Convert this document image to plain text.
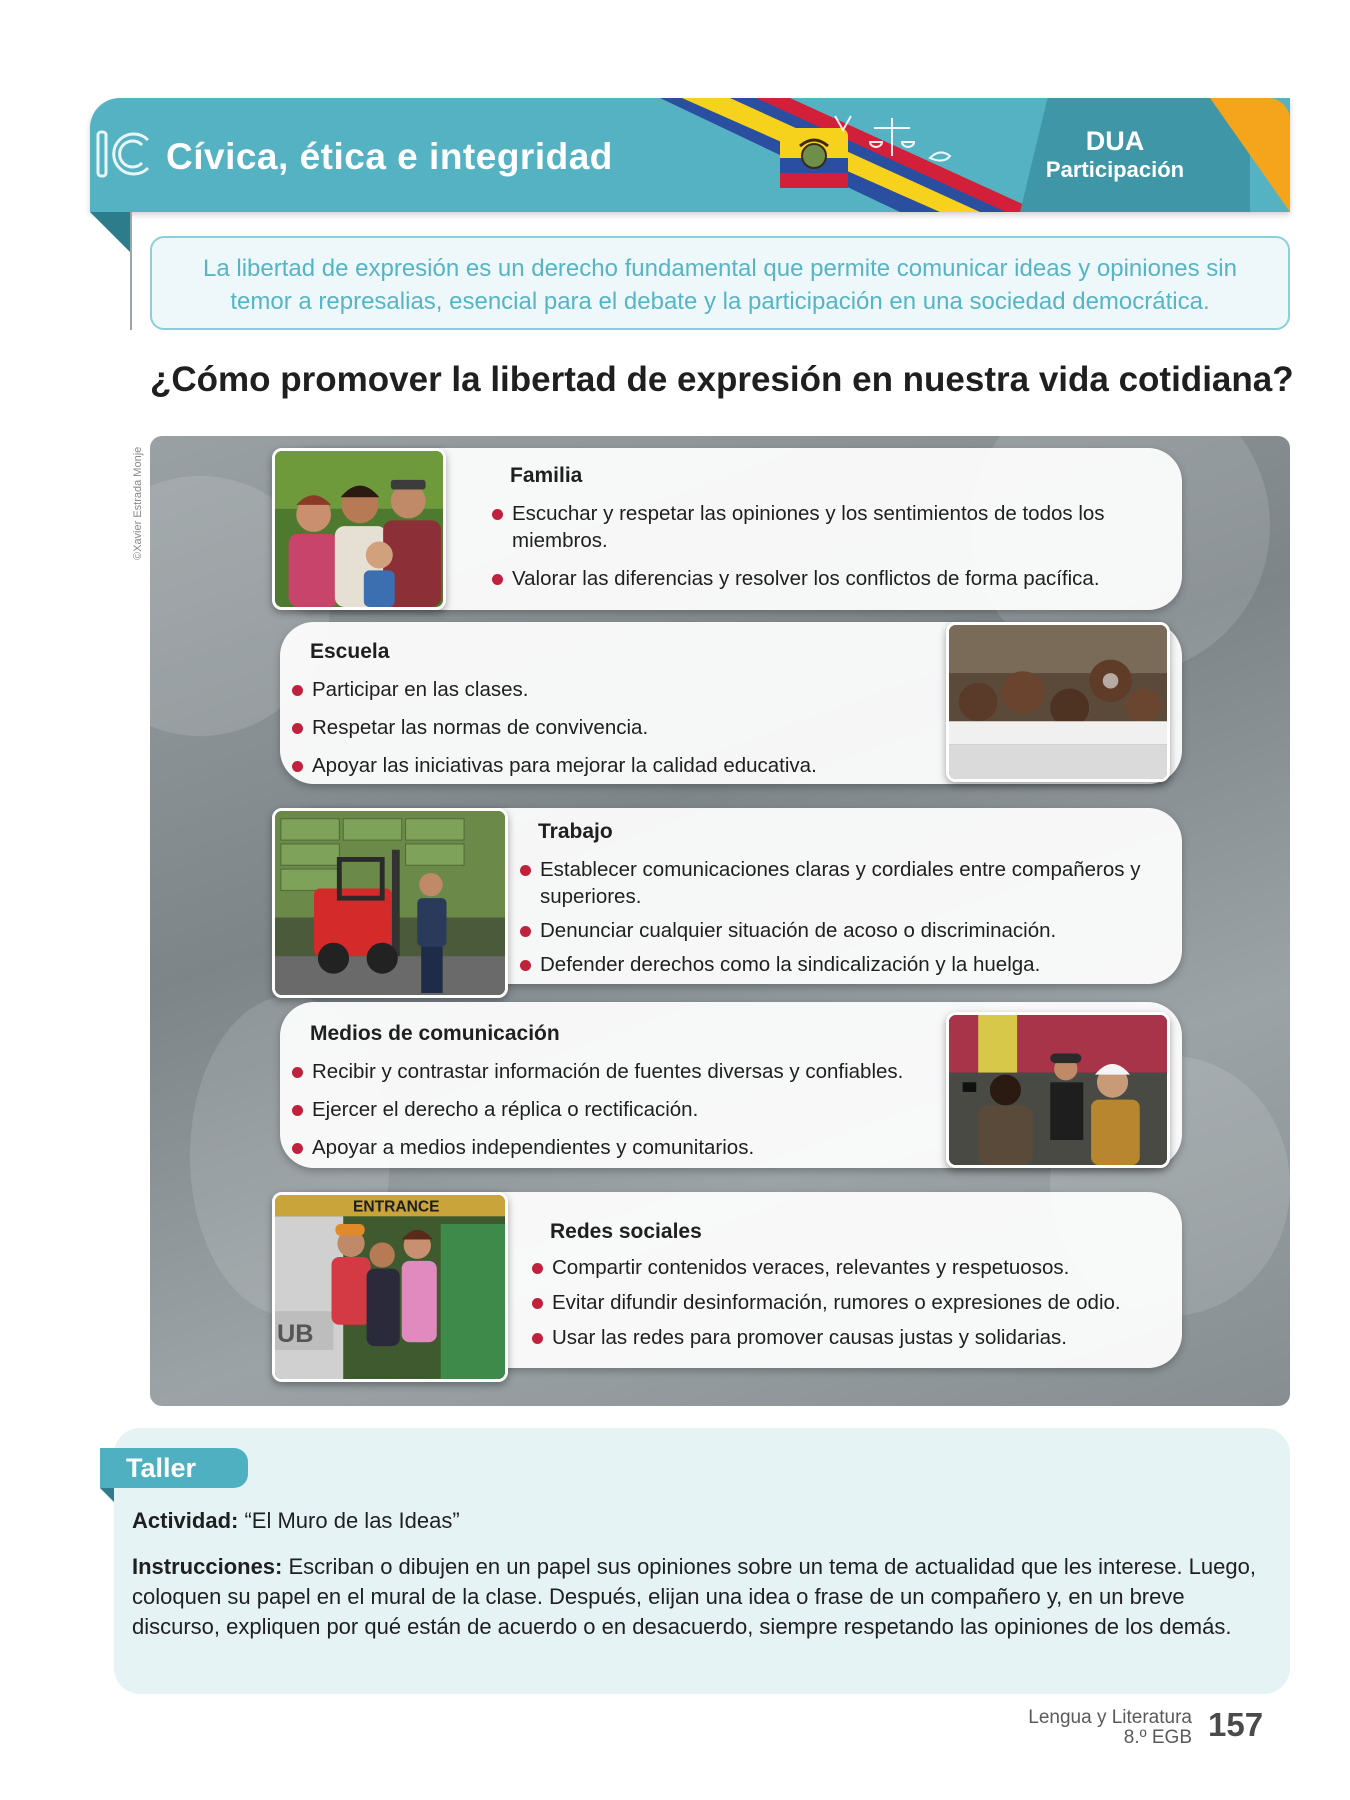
Cívica, ética e integridad	DUA
Participación
La libertad de expresión es un derecho fundamental que permite comunicar ideas y opiniones sin temor a represalias, esencial para el debate y la participación en una sociedad democrática.
¿Cómo promover la libertad de expresión en nuestra vida cotidiana?
©Xavier Estrada Monje	Familia
Escuchar y respetar las opiniones y los sentimientos de todos los miembros.
Valorar las diferencias y resolver los conflictos de forma pacífica.
Escuela
Participar en las clases.
Respetar las normas de convivencia.
Apoyar las iniciativas para mejorar la calidad educativa.
Trabajo
Establecer comunicaciones claras y cordiales entre compañeros y superiores.
Denunciar cualquier situación de acoso o discriminación.
Defender derechos como la sindicalización y la huelga.
Medios de comunicación
Recibir y contrastar información de fuentes diversas y confiables.
Ejercer el derecho a réplica o rectificación.
Apoyar a medios independientes y comunitarios.
Redes sociales
Compartir contenidos veraces, relevantes y respetuosos.
Evitar difundir desinformación, rumores o expresiones de odio.
Usar las redes para promover causas justas y solidarias.
ENTRANCE
UB
Taller
Actividad: “El Muro de las Ideas”
Instrucciones: Escriban o dibujen en un papel sus opiniones sobre un tema de actualidad que les interese. Luego, coloquen su papel en el mural de la clase. Después, elijan una idea o frase de un compañero y, en un breve discurso, expliquen por qué están de acuerdo o en desacuerdo, siempre respetando las opiniones de los demás.
Lengua y Literatura
8.º EGB 157
